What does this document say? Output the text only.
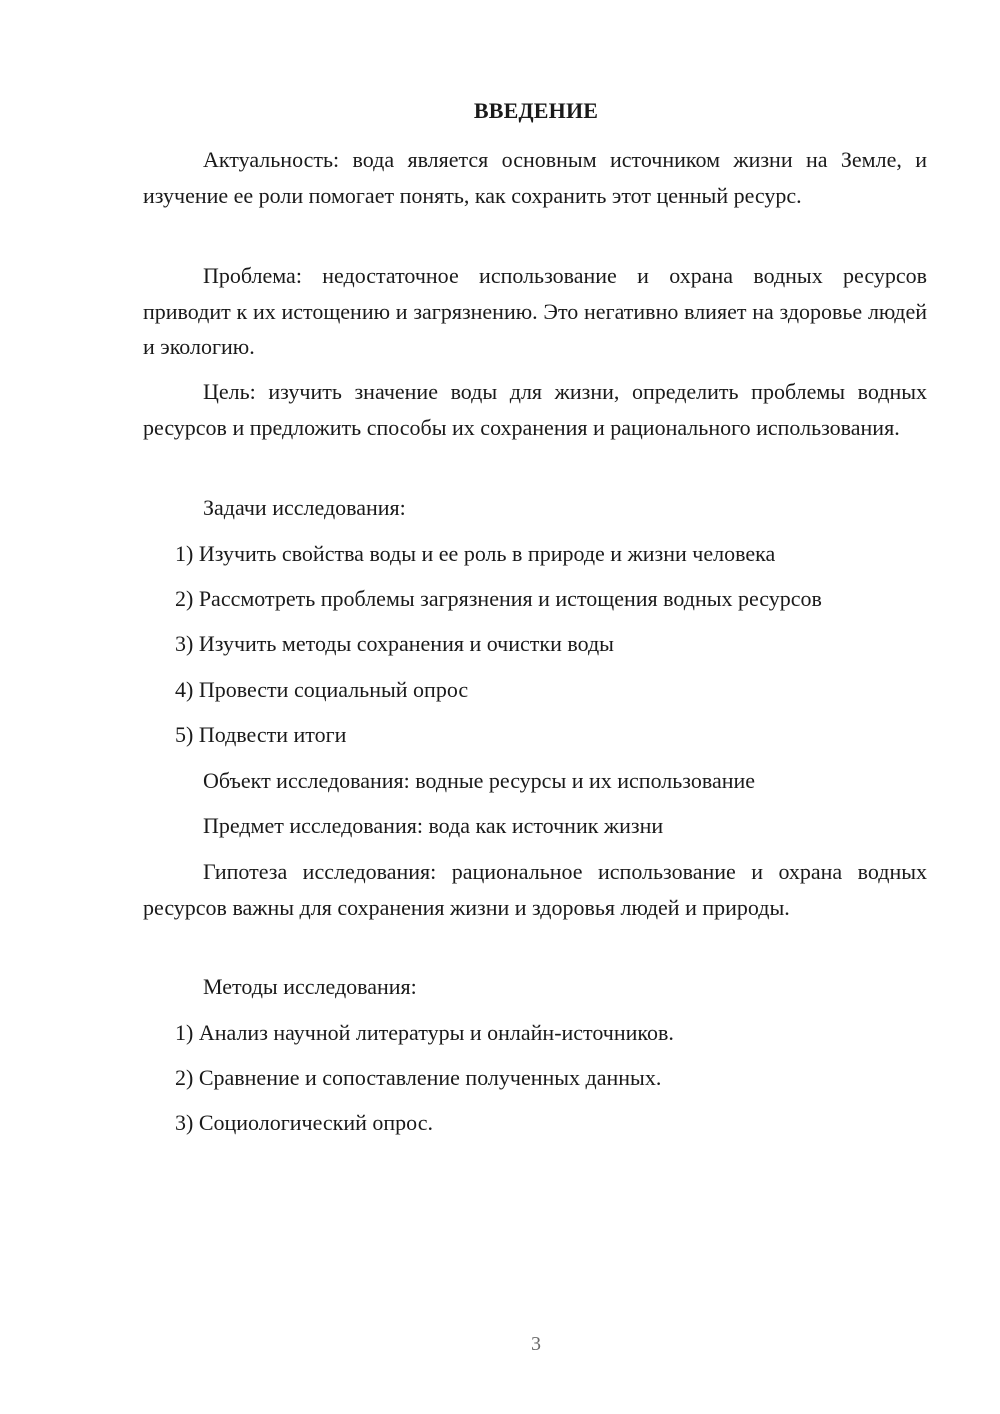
ВВЕДЕНИЕ

Актуальность: вода является основным источником жизни на Земле, и изучение ее роли помогает понять, как сохранить этот ценный ресурс.

Проблема: недостаточное использование и охрана водных ресурсов приводит к их истощению и загрязнению. Это негативно влияет на здоровье людей и экологию.

Цель: изучить значение воды для жизни, определить проблемы водных ресурсов и предложить способы их сохранения и рационального использования.

Задачи исследования:

1) Изучить свойства воды и ее роль в природе и жизни человека

2) Рассмотреть проблемы загрязнения и истощения водных ресурсов

3) Изучить методы сохранения и очистки воды

4) Провести социальный опрос

5) Подвести итоги

Объект исследования: водные ресурсы и их использование

Предмет исследования: вода как источник жизни

Гипотеза исследования: рациональное использование и охрана водных ресурсов важны для сохранения жизни и здоровья людей и природы.

Методы исследования:

1) Анализ научной литературы и онлайн-источников.

2) Сравнение и сопоставление полученных данных.

3) Социологический опрос.

3
